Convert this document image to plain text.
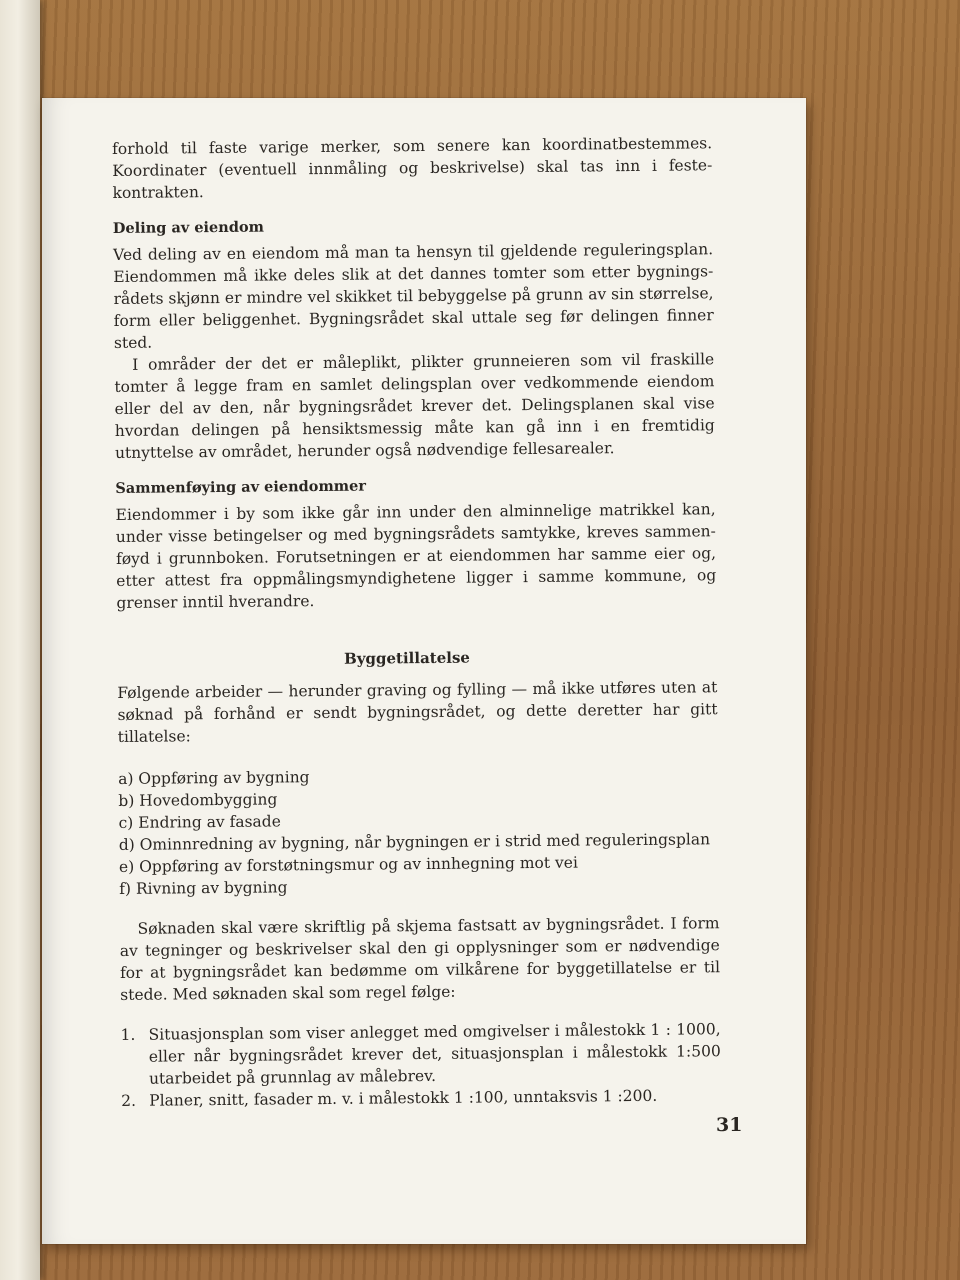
forhold til faste varige merker, som senere kan koordinatbestemmes. Koordinater (eventuell innmåling og beskrivelse) skal tas inn i festekontrakten.

Deling av eiendom

Ved deling av en eiendom må man ta hensyn til gjeldende reguleringsplan. Eiendommen må ikke deles slik at det dannes tomter som etter bygningsrådets skjønn er mindre vel skikket til bebyggelse på grunn av sin størrelse, form eller beliggenhet. Bygningsrådet skal uttale seg før delingen finner sted.

I områder der det er måleplikt, plikter grunneieren som vil fraskille tomter å legge fram en samlet delingsplan over vedkommende eiendom eller del av den, når bygningsrådet krever det. Delingsplanen skal vise hvordan delingen på hensiktsmessig måte kan gå inn i en fremtidig utnyttelse av området, herunder også nødvendige fellesarealer.

Sammenføying av eiendommer

Eiendommer i by som ikke går inn under den alminnelige matrikkel kan, under visse betingelser og med bygningsrådets samtykke, kreves sammenføyd i grunnboken. Forutsetningen er at eiendommen har samme eier og, etter attest fra oppmålingsmyndighetene ligger i samme kommune, og grenser inntil hverandre.

Byggetillatelse

Følgende arbeider — herunder graving og fylling — må ikke utføres uten at søknad på forhånd er sendt bygningsrådet, og dette deretter har gitt tillatelse:

a) Oppføring av bygning
b) Hovedombygging
c) Endring av fasade
d) Ominnredning av bygning, når bygningen er i strid med reguleringsplan
e) Oppføring av forstøtningsmur og av innhegning mot vei
f) Rivning av bygning

Søknaden skal være skriftlig på skjema fastsatt av bygningsrådet. I form av tegninger og beskrivelser skal den gi opplysninger som er nødvendige for at bygningsrådet kan bedømme om vilkårene for byggetillatelse er til stede. Med søknaden skal som regel følge:

1. Situasjonsplan som viser anlegget med omgivelser i målestokk 1 : 1000, eller når bygningsrådet krever det, situasjonsplan i målestokk 1:500 utarbeidet på grunnlag av målebrev.
2. Planer, snitt, fasader m. v. i målestokk 1 :100, unntaksvis 1 :200.
31
